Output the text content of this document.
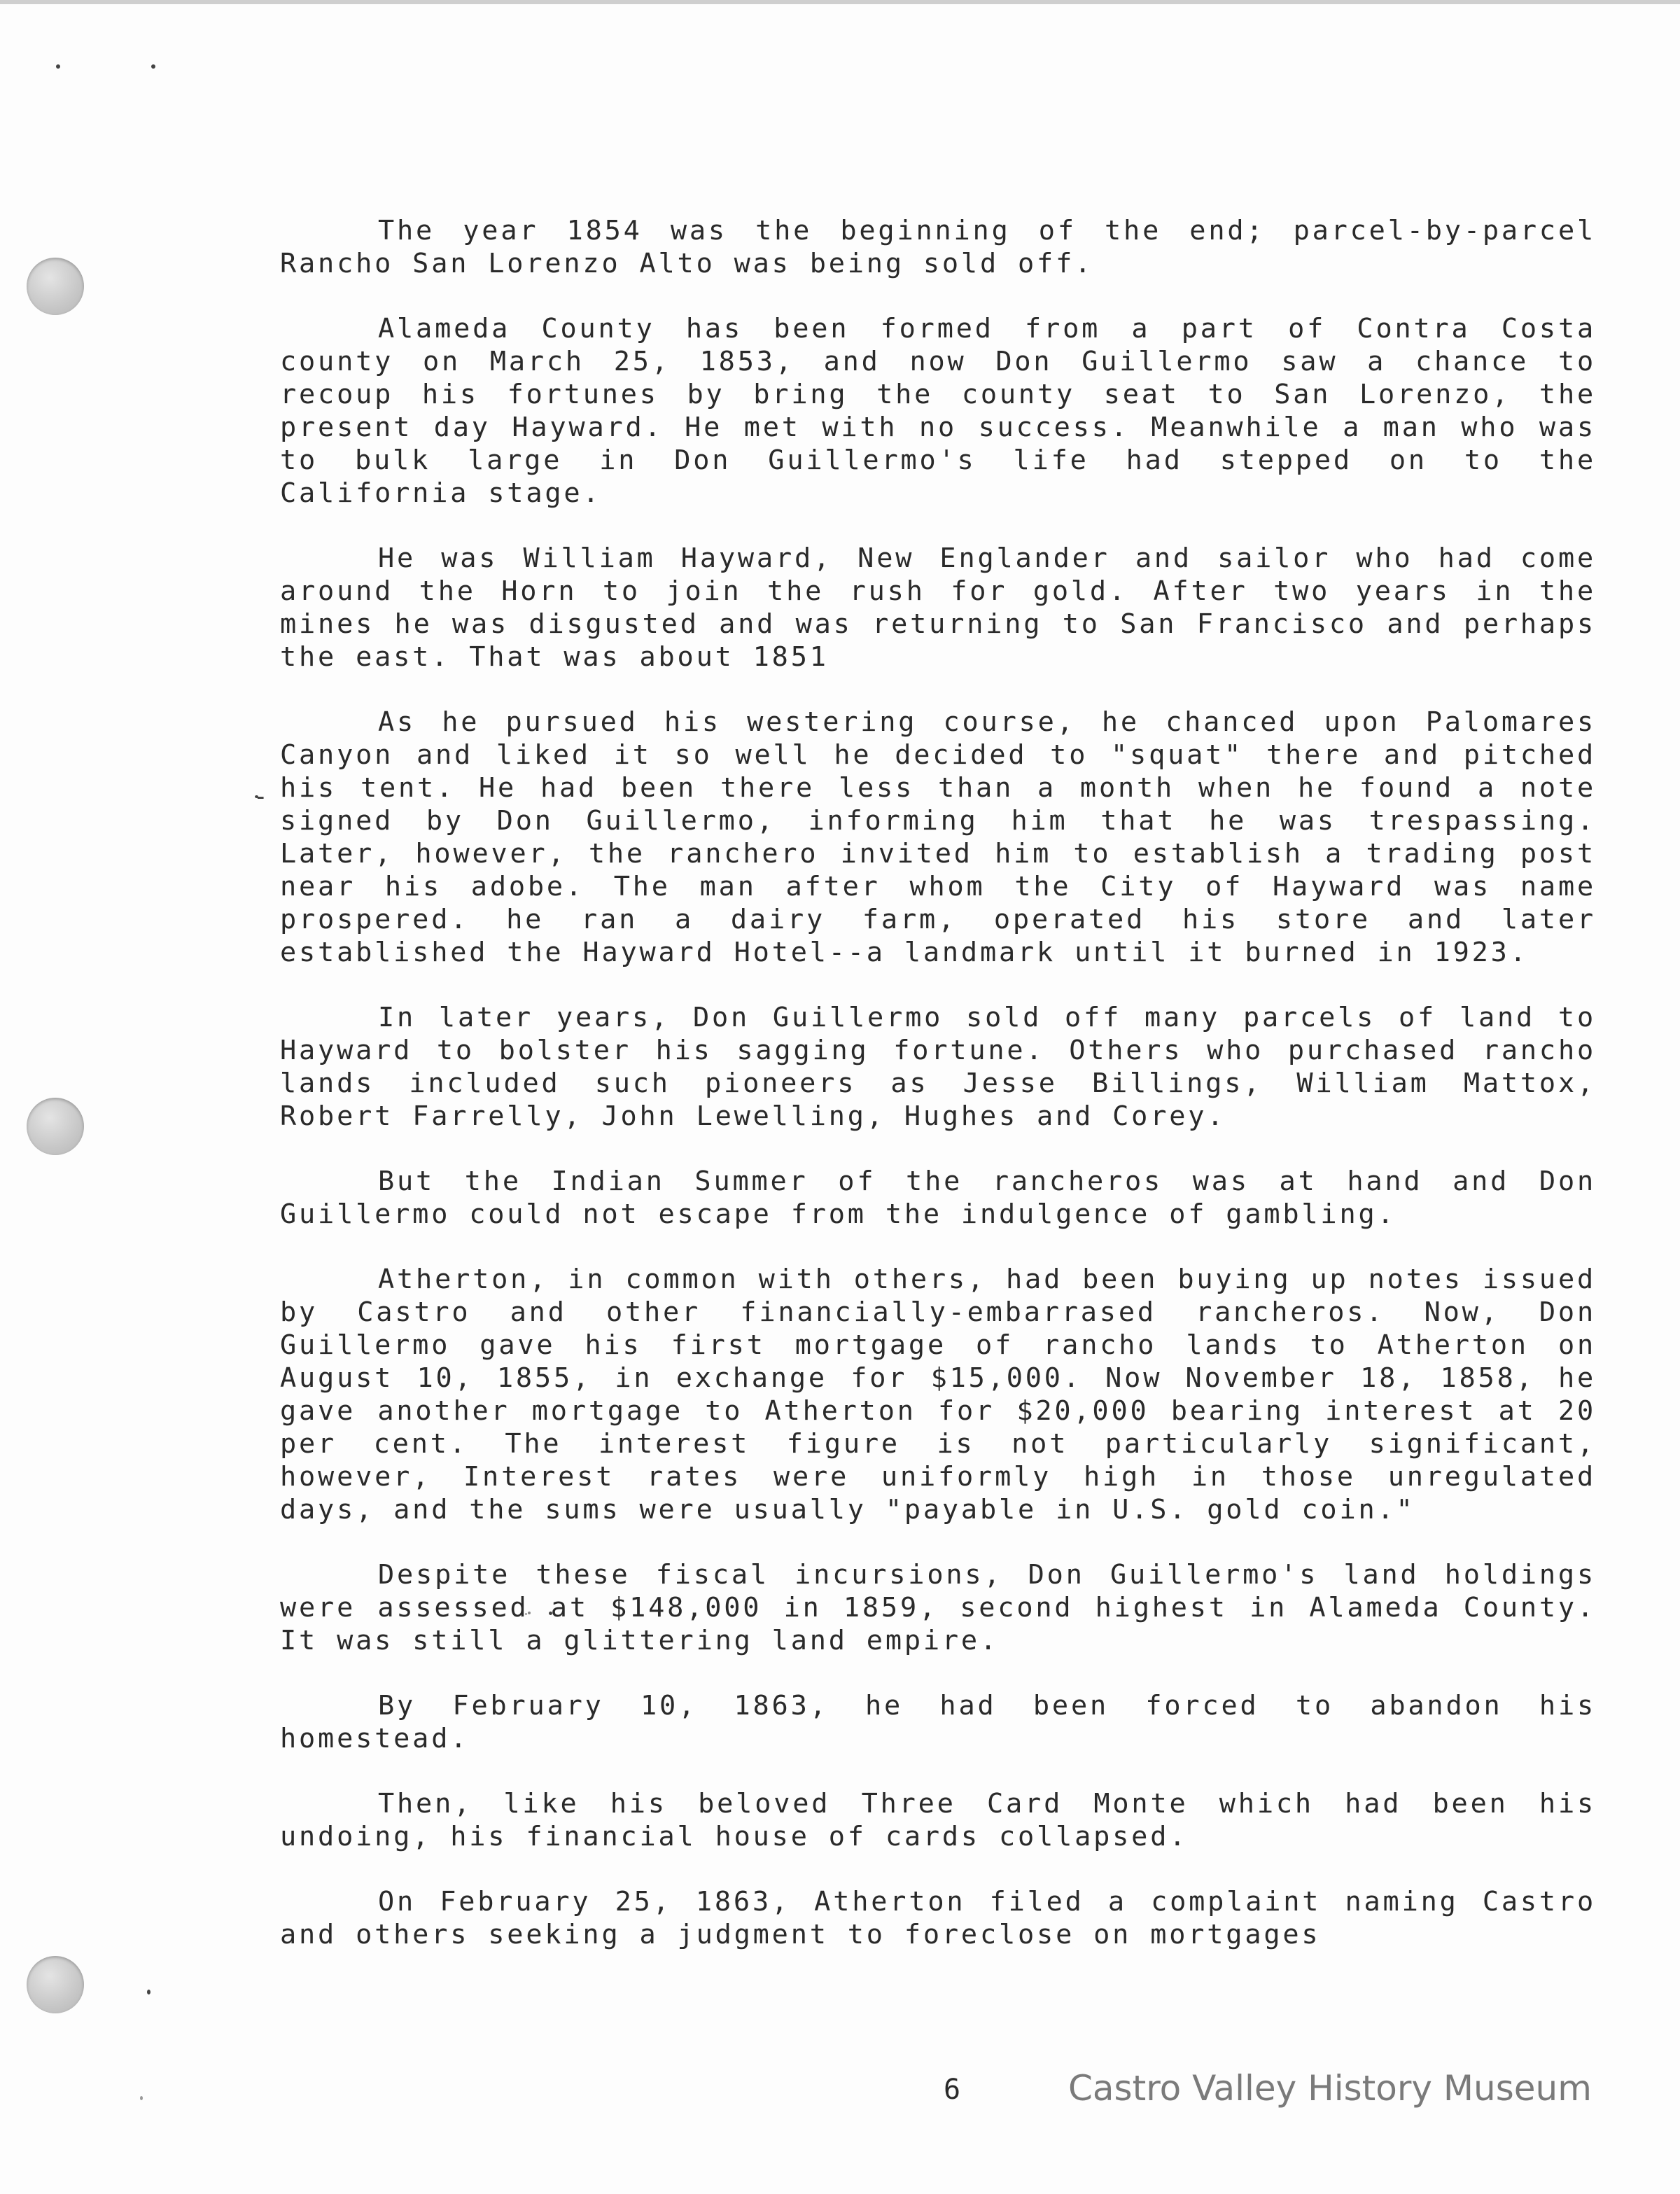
-

The year 1854 was the beginning of the end; parcel-by-parcel Rancho San Lorenzo Alto was being sold off.

Alameda County has been formed from a part of Contra Costa county on March 25, 1853, and now Don Guillermo saw a chance to recoup his fortunes by bring the county seat to San Lorenzo, the present day Hayward. He met with no success. Meanwhile a man who was to bulk large in Don Guillermo's life had stepped on to the California stage.

He was William Hayward, New Englander and sailor who had come around the Horn to join the rush for gold. After two years in the mines he was disgusted and was returning to San Francisco and perhaps the east. That was about 1851

As he pursued his westering course, he chanced upon Palomares Canyon and liked it so well he decided to "squat" there and pitched his tent. He had been there less than a month when he found a note signed by Don Guillermo, informing him that he was trespassing. Later, however, the ranchero invited him to establish a trading post near his adobe. The man after whom the City of Hayward was name prospered. he ran a dairy farm, operated his store and later established the Hayward Hotel--a landmark until it burned in 1923.

In later years, Don Guillermo sold off many parcels of land to Hayward to bolster his sagging fortune. Others who purchased rancho lands included such pioneers as Jesse Billings, William Mattox, Robert Farrelly, John Lewelling, Hughes and Corey.

But the Indian Summer of the rancheros was at hand and Don Guillermo could not escape from the indulgence of gambling.

Atherton, in common with others, had been buying up notes issued by Castro and other financially-embarrased rancheros. Now, Don Guillermo gave his first mortgage of rancho lands to Atherton on August 10, 1855, in exchange for $15,000. Now November 18, 1858, he gave another mortgage to Atherton for $20,000 bearing interest at 20 per cent. The interest figure is not particularly significant, however, Interest rates were uniformly high in those unregulated days, and the sums were usually "payable in U.S. gold coin."

Despite these fiscal incursions, Don Guillermo's land holdings were assessed at $148,000 in 1859, second highest in Alameda County. It was still a glittering land empire.

By February 10, 1863, he had been forced to abandon his homestead.

Then, like his beloved Three Card Monte which had been his undoing, his financial house of cards collapsed.

On February 25, 1863, Atherton filed a complaint naming Castro and others seeking a judgment to foreclose on mortgages

6	Castro Valley History Museum
